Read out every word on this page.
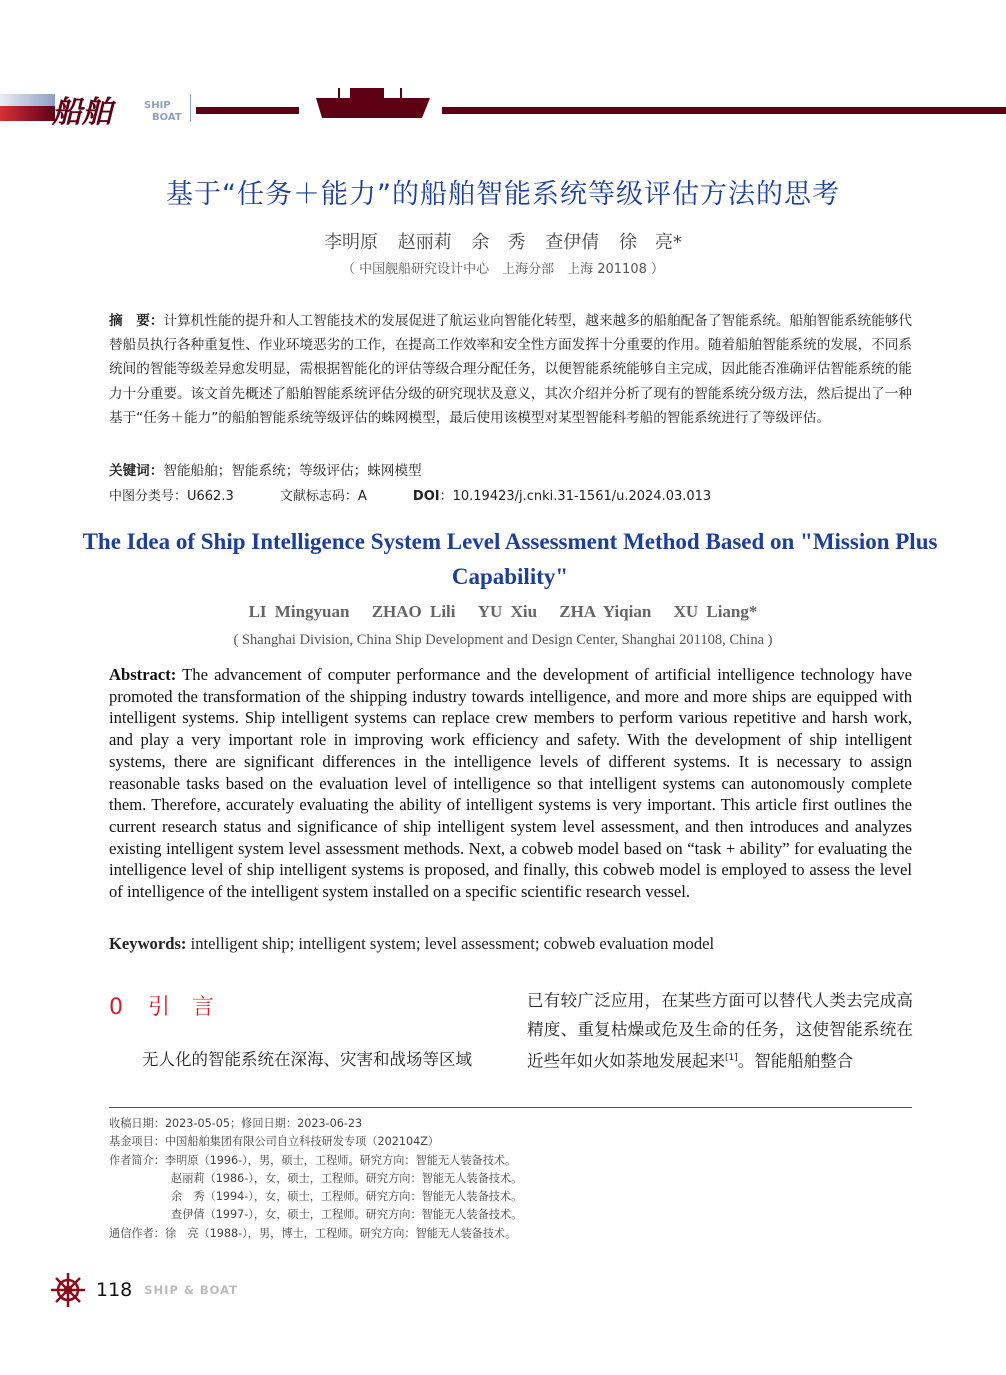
船舶	SHIP
BOAT
基于“任务＋能力”的船舶智能系统等级评估方法的思考
李明原 赵丽莉 余　秀 查伊倩 徐　亮*
（ 中国舰船研究设计中心　上海分部　上海 201108 ）
摘　要：计算机性能的提升和人工智能技术的发展促进了航运业向智能化转型，越来越多的船舶配备了智能系统。船舶智能系统能够代替船员执行各种重复性、作业环境恶劣的工作，在提高工作效率和安全性方面发挥十分重要的作用。随着船舶智能系统的发展，不同系统间的智能等级差异愈发明显，需根据智能化的评估等级合理分配任务，以便智能系统能够自主完成，因此能否准确评估智能系统的能力十分重要。该文首先概述了船舶智能系统评估分级的研究现状及意义，其次介绍并分析了现有的智能系统分级方法，然后提出了一种基于“任务＋能力”的船舶智能系统等级评估的蛛网模型，最后使用该模型对某型智能科考船的智能系统进行了等级评估。
关键词：智能船舶；智能系统；等级评估；蛛网模型
中图分类号：U662.3	文献标志码：A	DOI：10.19423/j.cnki.31-1561/u.2024.03.013
The Idea of Ship Intelligence System Level Assessment Method Based on "Mission Plus Capability"
LI Mingyuan ZHAO Lili YU Xiu ZHA Yiqian XU Liang*
( Shanghai Division, China Ship Development and Design Center, Shanghai 201108, China )
Abstract: The advancement of computer performance and the development of artificial intelligence technology have promoted the transformation of the shipping industry towards intelligence, and more and more ships are equipped with intelligent systems. Ship intelligent systems can replace crew members to perform various repetitive and harsh work, and play a very important role in improving work efficiency and safety. With the development of ship intelligent systems, there are significant differences in the intelligence levels of different systems. It is necessary to assign reasonable tasks based on the evaluation level of intelligence so that intelligent systems can autonomously complete them. Therefore, accurately evaluating the ability of intelligent systems is very important. This article first outlines the current research status and significance of ship intelligent system level assessment, and then introduces and analyzes existing intelligent system level assessment methods. Next, a cobweb model based on “task + ability” for evaluating the intelligence level of ship intelligent systems is proposed, and finally, this cobweb model is employed to assess the level of intelligence of the intelligent system installed on a specific scientific research vessel.
Keywords: intelligent ship; intelligent system; level assessment; cobweb evaluation model
0 引　言
无人化的智能系统在深海、灾害和战场等区域
已有较广泛应用，在某些方面可以替代人类去完成高精度、重复枯燥或危及生命的任务，这使智能系统在近些年如火如荼地发展起来[1]。智能船舶整合
收稿日期：2023-05-05；修回日期：2023-06-23
基金项目：中国船舶集团有限公司自立科技研发专项（202104Z）
作者简介：李明原（1996-），男，硕士，工程师。研究方向：智能无人装备技术。
赵丽莉（1986-），女，硕士，工程师。研究方向：智能无人装备技术。
余　秀（1994-），女，硕士，工程师。研究方向：智能无人装备技术。
查伊倩（1997-），女，硕士，工程师。研究方向：智能无人装备技术。
通信作者：徐　亮（1988-），男，博士，工程师。研究方向：智能无人装备技术。
118 SHIP & BOAT
